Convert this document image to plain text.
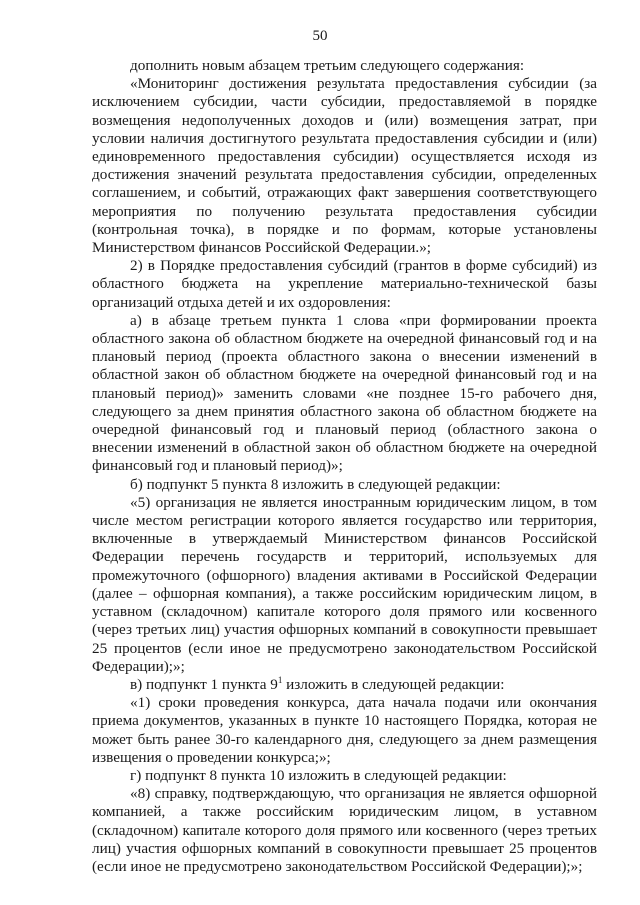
50

дополнить новым абзацем третьим следующего содержания:

«Мониторинг достижения результата предоставления субсидии (за исключением субсидии, части субсидии, предоставляемой в порядке возмещения недополученных доходов и (или) возмещения затрат, при условии наличия достигнутого результата предоставления субсидии и (или) единовременного предоставления субсидии) осуществляется исходя из достижения значений результата предоставления субсидии, определенных соглашением, и событий, отражающих факт завершения соответствующего мероприятия по получению результата предоставления субсидии (контрольная точка), в порядке и по формам, которые установлены Министерством финансов Российской Федерации.»;

2) в Порядке предоставления субсидий (грантов в форме субсидий) из областного бюджета на укрепление материально-технической базы организаций отдыха детей и их оздоровления:

а) в абзаце третьем пункта 1 слова «при формировании проекта областного закона об областном бюджете на очередной финансовый год и на плановый период (проекта областного закона о внесении изменений в областной закон об областном бюджете на очередной финансовый год и на плановый период)» заменить словами «не позднее 15-го рабочего дня, следующего за днем принятия областного закона об областном бюджете на очередной финансовый год и плановый период (областного закона о внесении изменений в областной закон об областном бюджете на очередной финансовый год и плановый период)»;

б) подпункт 5 пункта 8 изложить в следующей редакции:

«5) организация не является иностранным юридическим лицом, в том числе местом регистрации которого является государство или территория, включенные в утверждаемый Министерством финансов Российской Федерации перечень государств и территорий, используемых для промежуточного (офшорного) владения активами в Российской Федерации (далее – офшорная компания), а также российским юридическим лицом, в уставном (складочном) капитале которого доля прямого или косвенного (через третьих лиц) участия офшорных компаний в совокупности превышает 25 процентов (если иное не предусмотрено законодательством Российской Федерации);»;

в) подпункт 1 пункта $9^1$ изложить в следующей редакции:

«1) сроки проведения конкурса, дата начала подачи или окончания приема документов, указанных в пункте 10 настоящего Порядка, которая не может быть ранее 30-го календарного дня, следующего за днем размещения извещения о проведении конкурса;»;

г) подпункт 8 пункта 10 изложить в следующей редакции:

«8) справку, подтверждающую, что организация не является офшорной компанией, а также российским юридическим лицом, в уставном (складочном) капитале которого доля прямого или косвенного (через третьих лиц) участия офшорных компаний в совокупности превышает 25 процентов (если иное не предусмотрено законодательством Российской Федерации);»;
